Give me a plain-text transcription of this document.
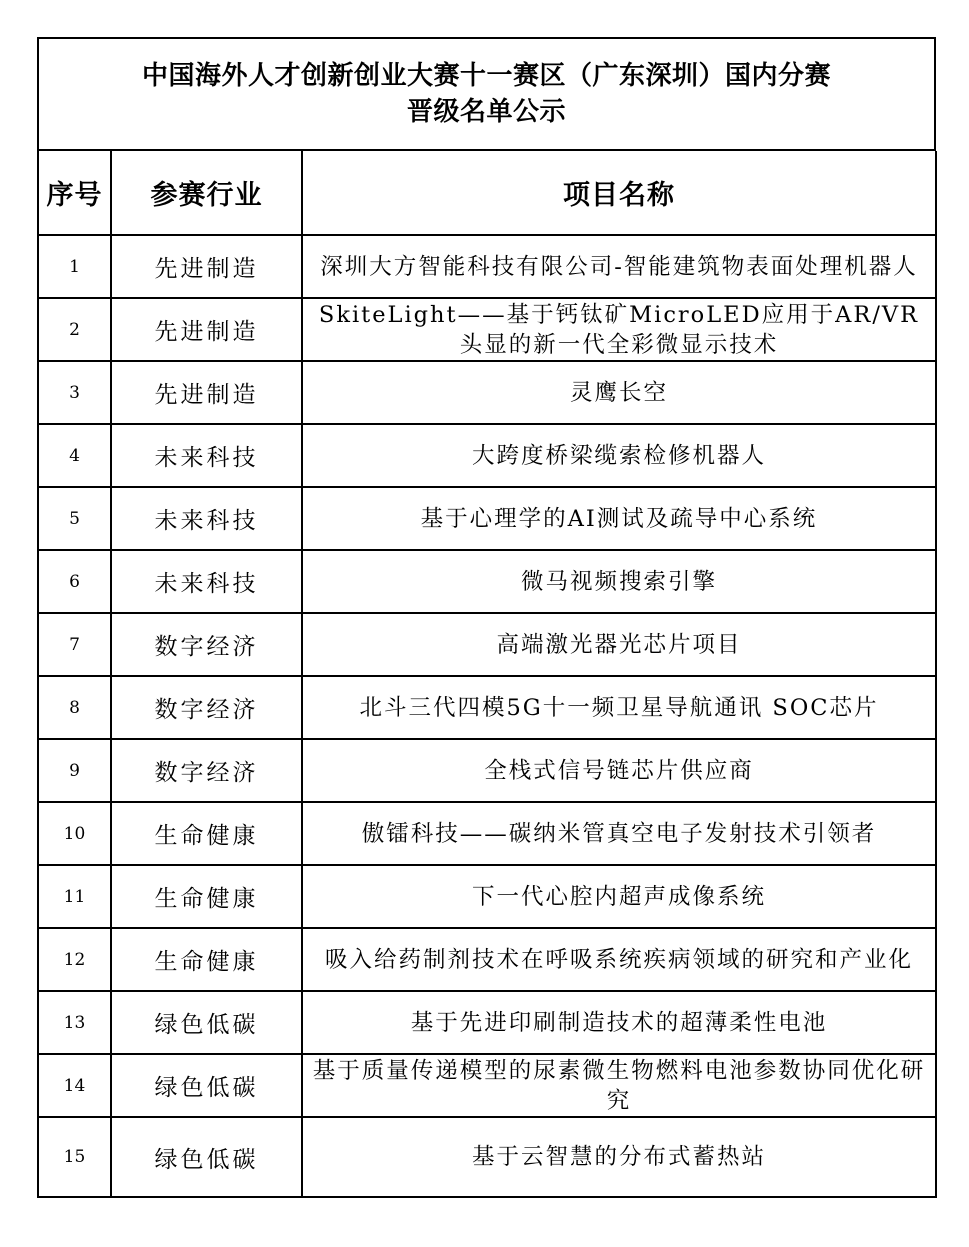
中国海外人才创新创业大赛十一赛区（广东深圳）国内分赛
晋级名单公示
序号	参赛行业	项目名称
1	先进制造	深圳大方智能科技有限公司-智能建筑物表面处理机器人
2	先进制造	SkiteLight——基于钙钛矿MicroLED应用于AR/VR头显的新一代全彩微显示技术
3	先进制造	灵鹰长空
4	未来科技	大跨度桥梁缆索检修机器人
5	未来科技	基于心理学的AI测试及疏导中心系统
6	未来科技	微马视频搜索引擎
7	数字经济	高端激光器光芯片项目
8	数字经济	北斗三代四模5G十一频卫星导航通讯 SOC芯片
9	数字经济	全栈式信号链芯片供应商
10	生命健康	傲镭科技——碳纳米管真空电子发射技术引领者
11	生命健康	下一代心腔内超声成像系统
12	生命健康	吸入给药制剂技术在呼吸系统疾病领域的研究和产业化
13	绿色低碳	基于先进印刷制造技术的超薄柔性电池
14	绿色低碳	基于质量传递模型的尿素微生物燃料电池参数协同优化研究
15	绿色低碳	基于云智慧的分布式蓄热站
